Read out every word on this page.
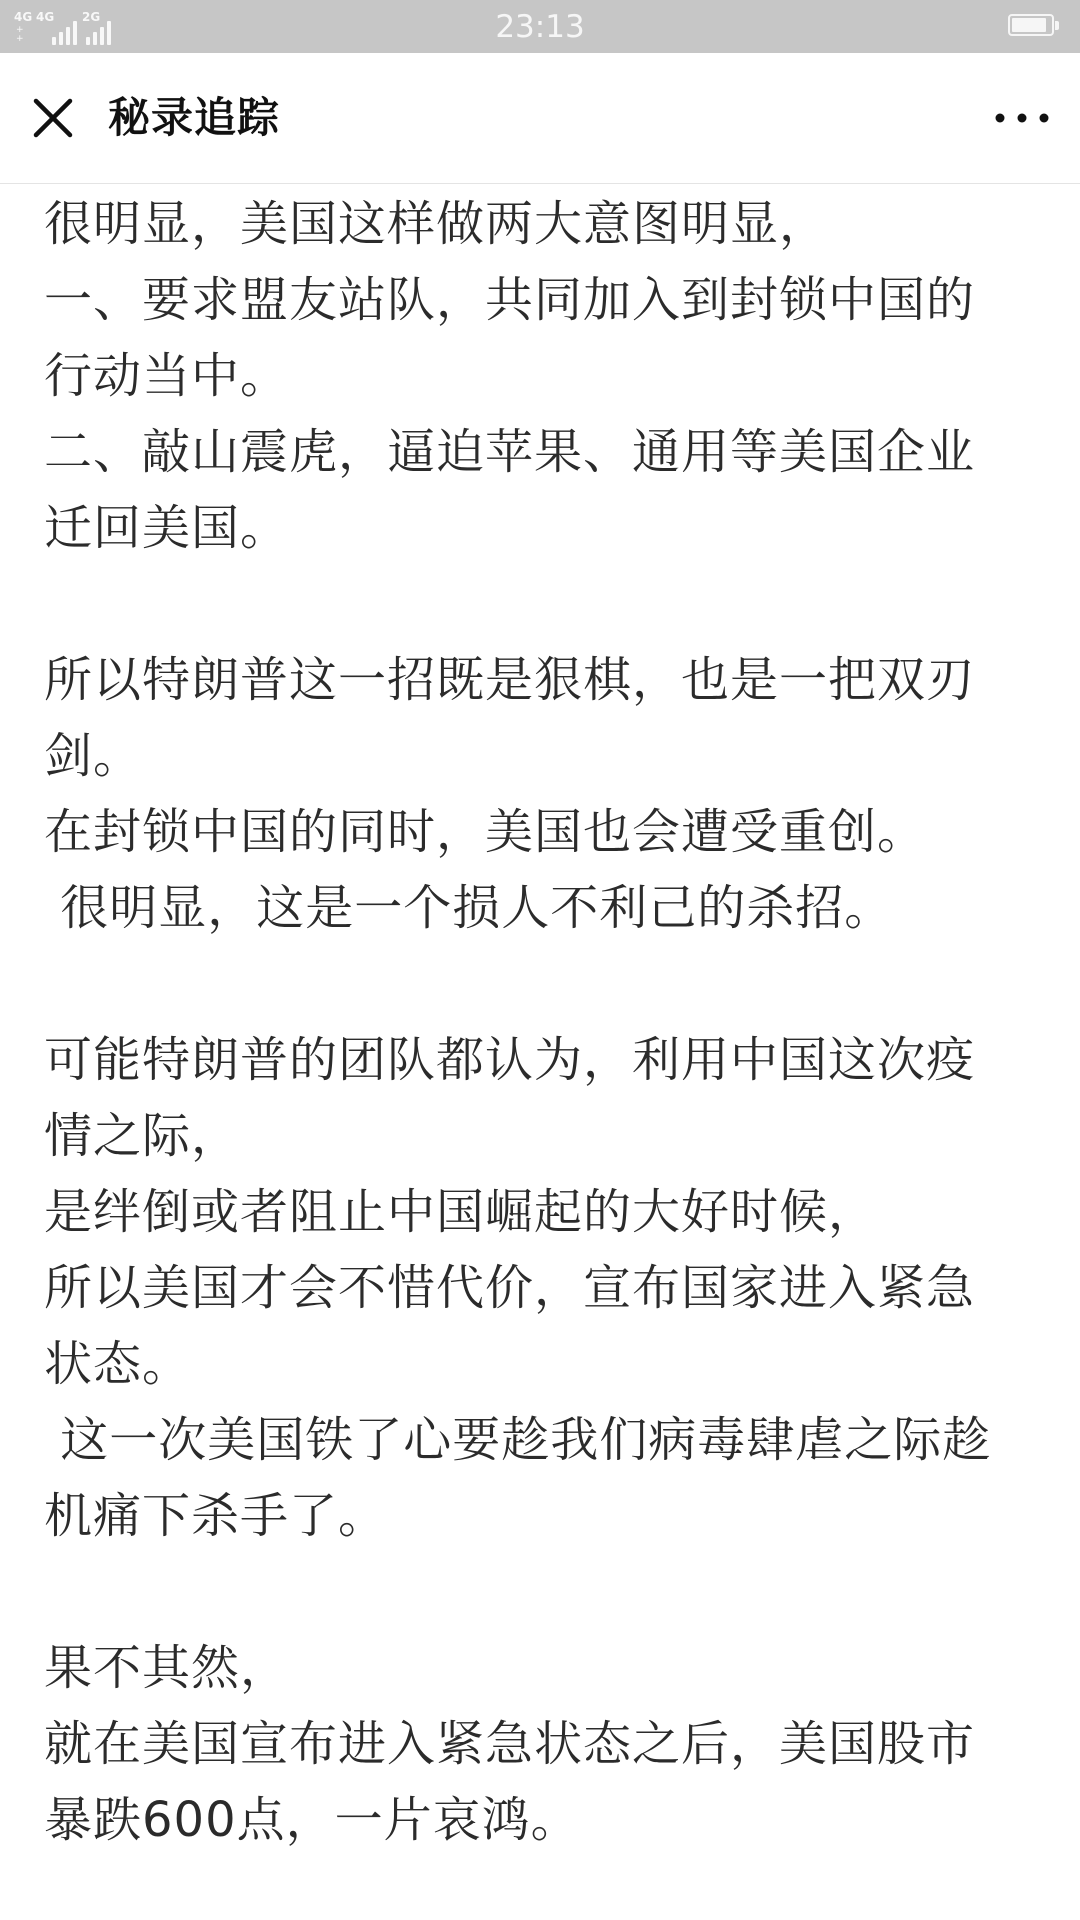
4G
+ +
4G 2G	23:13
秘录追踪

很明显，美国这样做两大意图明显，

一、要求盟友站队，共同加入到封锁中国的

行动当中。

二、敲山震虎，逼迫苹果、通用等美国企业

迁回美国。

所以特朗普这一招既是狠棋，也是一把双刃

剑。

在封锁中国的同时，美国也会遭受重创。

很明显，这是一个损人不利己的杀招。

可能特朗普的团队都认为，利用中国这次疫

情之际，

是绊倒或者阻止中国崛起的大好时候，

所以美国才会不惜代价，宣布国家进入紧急

状态。

这一次美国铁了心要趁我们病毒肆虐之际趁

机痛下杀手了。

果不其然，

就在美国宣布进入紧急状态之后，美国股市

暴跌600点，一片哀鸿。
